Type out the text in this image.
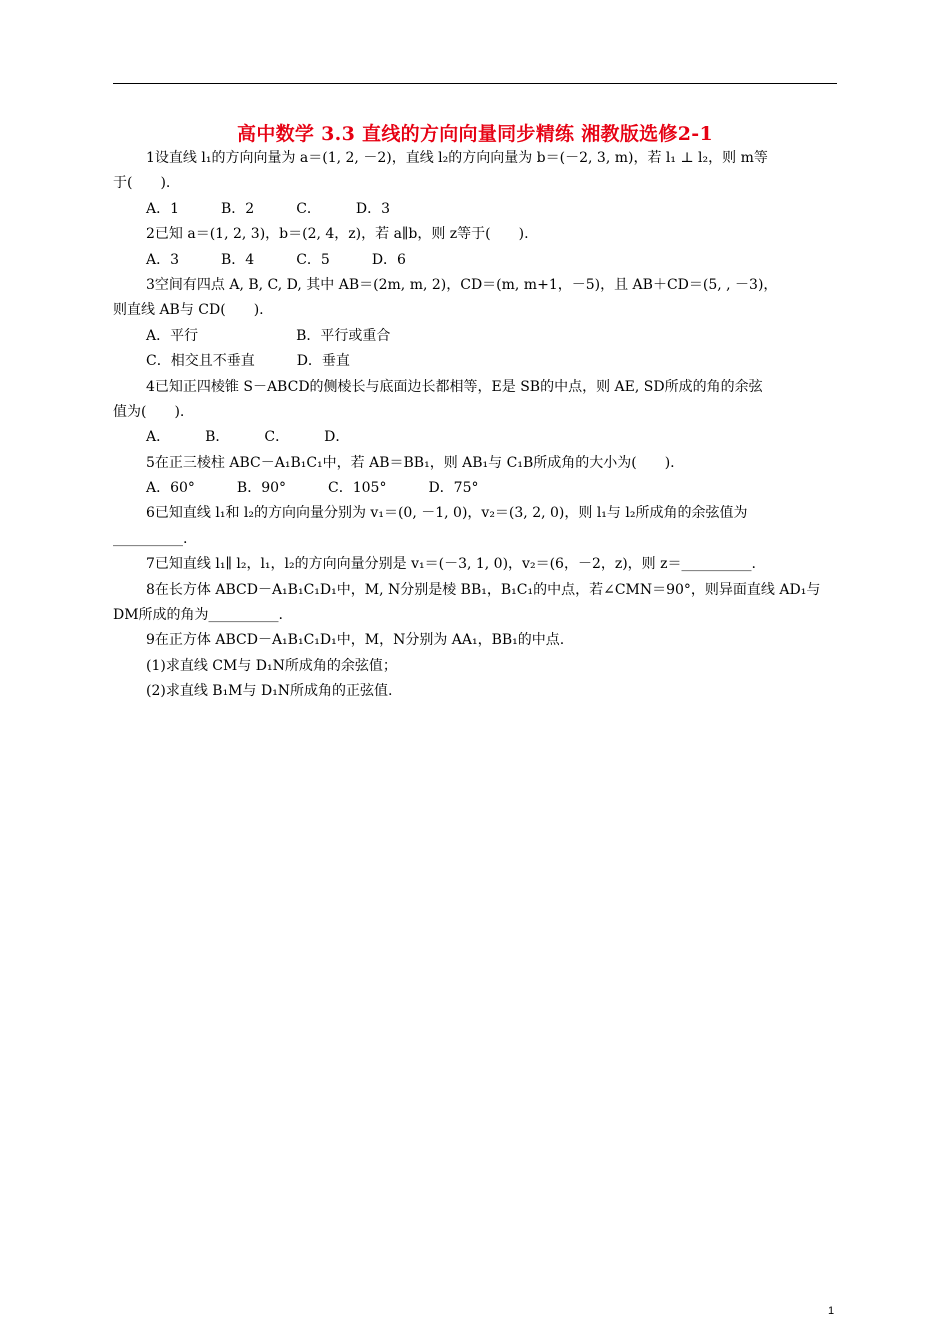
高中数学 3.3 直线的方向向量同步精练 湘教版选修2-1
1设直线 l₁的方向向量为 a＝(1, 2, －2)，直线 l₂的方向向量为 b＝(－2, 3, m)，若 l₁ ⊥ l₂，则 m等
于(　　).
A．1　　　B．2　　　C．　　　D．3
2已知 a＝(1, 2, 3)，b＝(2, 4，z)，若 a∥b，则 z等于(　　).
A．3　　　B．4　　　C．5　　　D．6
3空间有四点 A, B, C, D, 其中 AB＝(2m, m, 2)，CD＝(m, m+1，－5)，且 AB＋CD＝(5, , －3)，
则直线 AB与 CD(　　).
A．平行　　　　　　　B．平行或重合
C．相交且不垂直　　　D．垂直
4已知正四棱锥 S－ABCD的侧棱长与底面边长都相等，E是 SB的中点，则 AE, SD所成的角的余弦
值为(　　).
A．　　　B．　　　C．　　　D．
5在正三棱柱 ABC－A₁B₁C₁中，若 AB＝BB₁，则 AB₁与 C₁B所成角的大小为(　　).
A．60°　　　B．90°　　　C．105°　　　D．75°
6已知直线 l₁和 l₂的方向向量分别为 v₁＝(0, －1, 0)，v₂＝(3, 2, 0)，则 l₁与 l₂所成角的余弦值为
__________.
7已知直线 l₁∥ l₂，l₁，l₂的方向向量分别是 v₁＝(－3, 1, 0)，v₂＝(6，－2，z)，则 z＝__________.
8在长方体 ABCD－A₁B₁C₁D₁中，M, N分别是棱 BB₁，B₁C₁的中点，若∠CMN＝90°，则异面直线 AD₁与
DM所成的角为__________.
9在正方体 ABCD－A₁B₁C₁D₁中，M，N分别为 AA₁，BB₁的中点.
(1)求直线 CM与 D₁N所成角的余弦值；
(2)求直线 B₁M与 D₁N所成角的正弦值.
1
